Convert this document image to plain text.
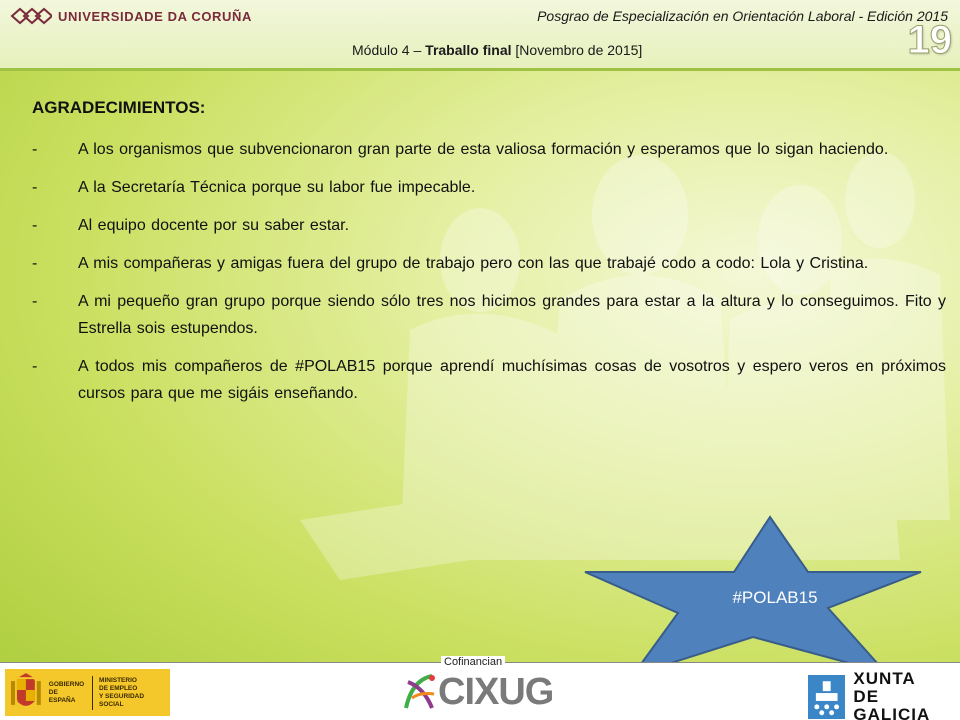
UNIVERSIDADE DA CORUÑA	Posgrao de Especialización en Orientación Laboral - Edición 2015
Módulo 4 – Traballo final [Novembro de 2015]	19
AGRADECIMIENTOS:
-	A los organismos que subvencionaron gran parte de esta valiosa formación y esperamos que lo sigan haciendo.
-	A la Secretaría Técnica porque su labor fue impecable.
-	Al equipo docente por su saber estar.
-	A mis compañeras y amigas fuera del grupo de trabajo pero con las que trabajé codo a codo: Lola y Cristina.
-	A mi pequeño gran grupo porque siendo sólo tres nos hicimos grandes para estar a la altura y lo conseguimos. Fito y Estrella sois estupendos.
-	A todos mis compañeros de #POLAB15 porque aprendí muchísimas cosas de vosotros y espero veros en próximos cursos para que me sigáis enseñando.
#POLAB15
Cofinancian
GOBIERNO
DE ESPAÑA
MINISTERIO
DE EMPLEO
Y SEGURIDAD SOCIAL	CIXUG	XUNTA
DE GALICIA
